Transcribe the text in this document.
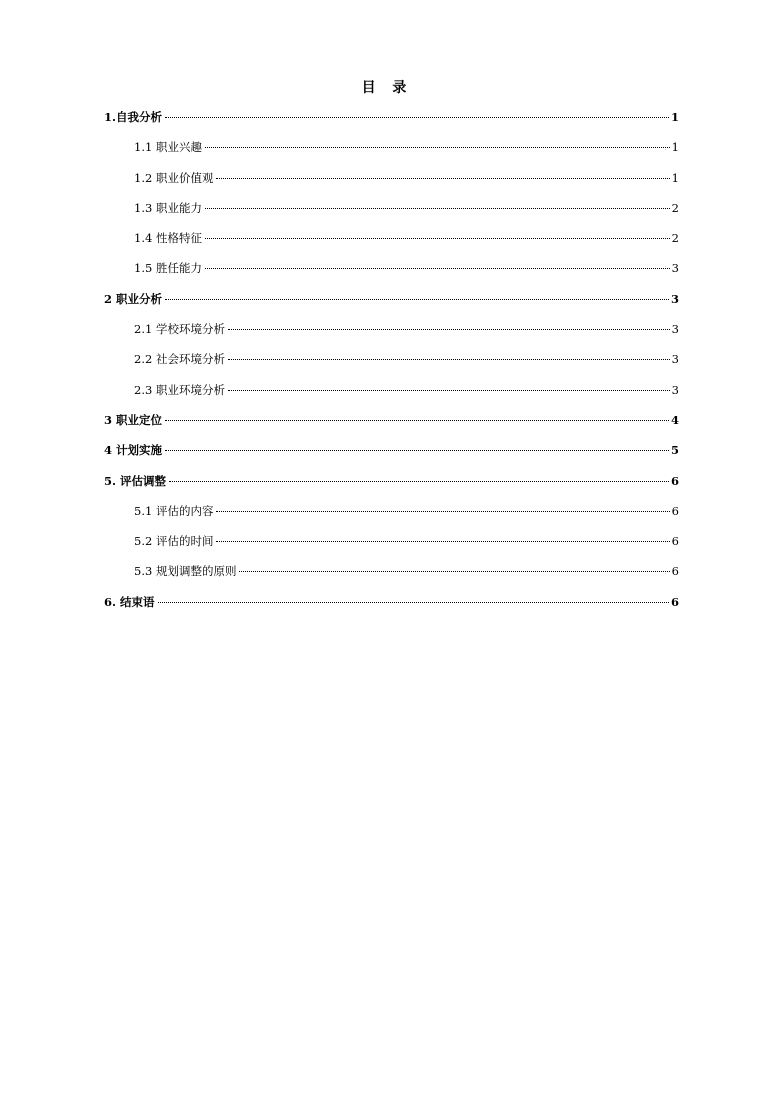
目 录
1.自我分析	1
1.1 职业兴趣	1
1.2 职业价值观	1
1.3 职业能力	2
1.4 性格特征	2
1.5 胜任能力	3
2 职业分析	3
2.1 学校环境分析	3
2.2 社会环境分析	3
2.3 职业环境分析	3
3 职业定位	4
4 计划实施	5
5. 评估调整	6
5.1 评估的内容	6
5.2 评估的时间	6
5.3 规划调整的原则	6
6. 结束语	6
